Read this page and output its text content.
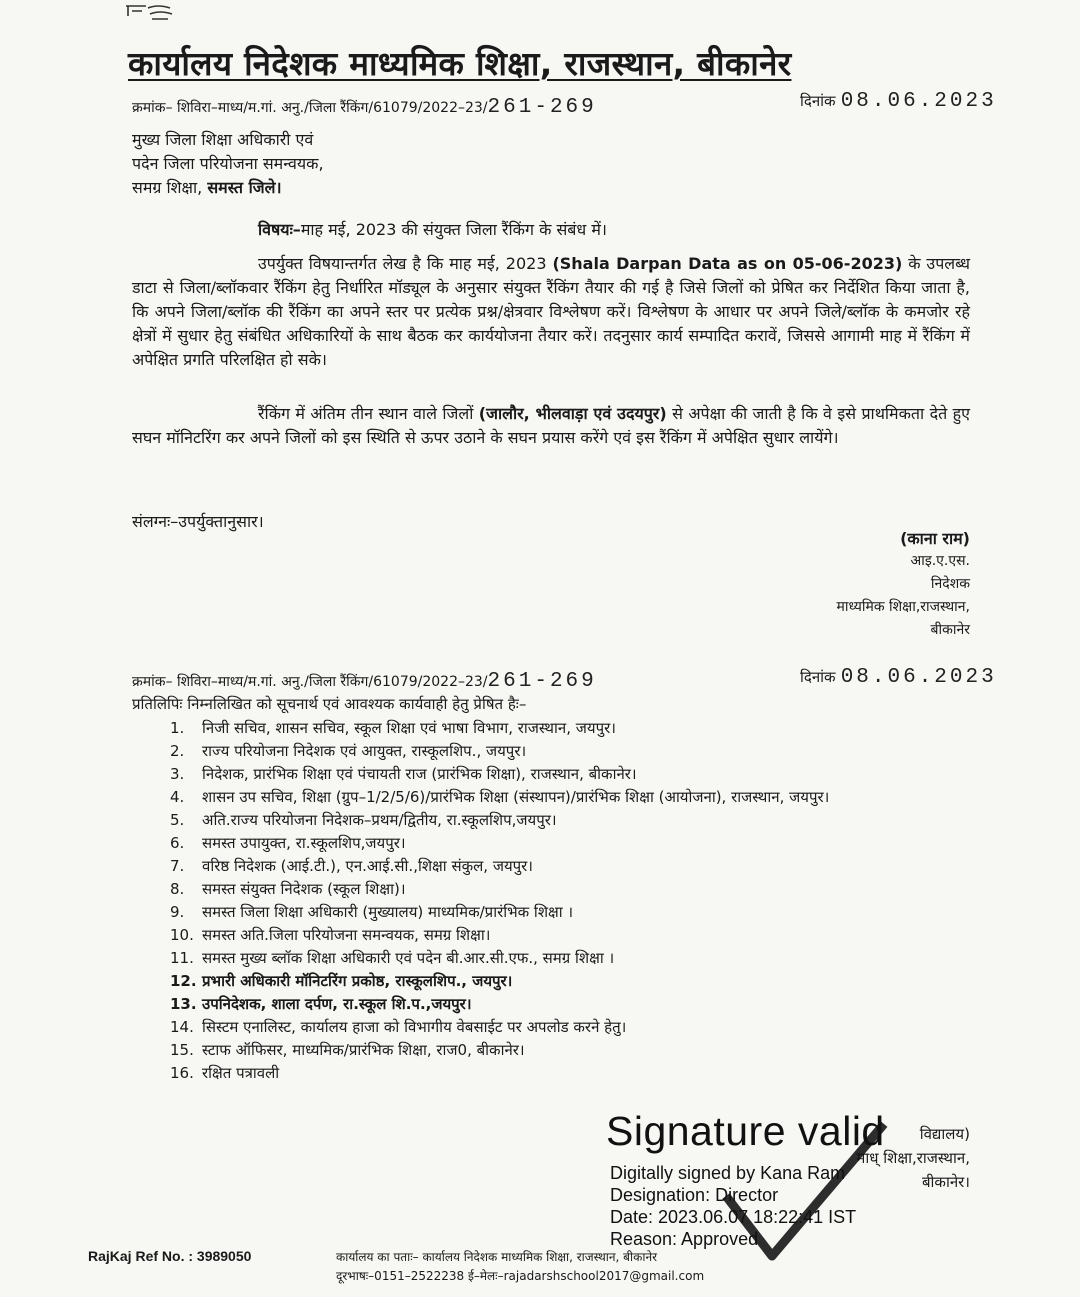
कार्यालय निदेशक माध्यमिक शिक्षा, राजस्थान, बीकानेर
क्रमांक– शिविरा–माध्य/म.गां. अनु./जिला रैंकिंग/61079/2022–23/261-269	दिनांक 08.06.2023
मुख्य जिला शिक्षा अधिकारी एवं
पदेन जिला परियोजना समन्वयक,
समग्र शिक्षा, समस्त जिले।
विषयः–माह मई, 2023 की संयुक्त जिला रैंकिंग के संबंध में।

उपर्युक्त विषयान्तर्गत लेख है कि माह मई, 2023 (Shala Darpan Data as on 05-06-2023) के उपलब्ध डाटा से जिला/ब्लॉकवार रैंकिंग हेतु निर्धारित मॉड्यूल के अनुसार संयुक्त रैंकिंग तैयार की गई है जिसे जिलों को प्रेषित कर निर्देशित किया जाता है, कि अपने जिला/ब्लॉक की रैंकिंग का अपने स्तर पर प्रत्येक प्रश्न/क्षेत्रवार विश्लेषण करें। विश्लेषण के आधार पर अपने जिले/ब्लॉक के कमजोर रहे क्षेत्रों में सुधार हेतु संबंधित अधिकारियों के साथ बैठक कर कार्ययोजना तैयार करें। तदनुसार कार्य सम्पादित करावें, जिससे आगामी माह में रैंकिंग में अपेक्षित प्रगति परिलक्षित हो सके।

रैंकिंग में अंतिम तीन स्थान वाले जिलों (जालौर, भीलवाड़ा एवं उदयपुर) से अपेक्षा की जाती है कि वे इसे प्राथमिकता देते हुए सघन मॉनिटरिंग कर अपने जिलों को इस स्थिति से ऊपर उठाने के सघन प्रयास करेंगे एवं इस रैंकिंग में अपेक्षित सुधार लायेंगे।

संलग्नः–उपर्युक्तानुसार।
(काना राम)
आइ.ए.एस.
निदेशक
माध्यमिक शिक्षा,राजस्थान,
बीकानेर
क्रमांक– शिविरा–माध्य/म.गां. अनु./जिला रैंकिंग/61079/2022–23/261-269	दिनांक 08.06.2023
प्रतिलिपिः निम्नलिखित को सूचनार्थ एवं आवश्यक कार्यवाही हेतु प्रेषित हैः–
1.	निजी सचिव, शासन सचिव, स्कूल शिक्षा एवं भाषा विभाग, राजस्थान, जयपुर।
2.	राज्य परियोजना निदेशक एवं आयुक्त, रास्कूलशिप., जयपुर।
3.	निदेशक, प्रारंभिक शिक्षा एवं पंचायती राज (प्रारंभिक शिक्षा), राजस्थान, बीकानेर।
4.	शासन उप सचिव, शिक्षा (ग्रुप–1/2/5/6)/प्रारंभिक शिक्षा (संस्थापन)/प्रारंभिक शिक्षा (आयोजना), राजस्थान, जयपुर।
5.	अति.राज्य परियोजना निदेशक–प्रथम/द्वितीय, रा.स्कूलशिप,जयपुर।
6.	समस्त उपायुक्त, रा.स्कूलशिप,जयपुर।
7.	वरिष्ठ निदेशक (आई.टी.), एन.आई.सी.,शिक्षा संकुल, जयपुर।
8.	समस्त संयुक्त निदेशक (स्कूल शिक्षा)।
9.	समस्त जिला शिक्षा अधिकारी (मुख्यालय) माध्यमिक/प्रारंभिक शिक्षा ।
10. समस्त अति.जिला परियोजना समन्वयक, समग्र शिक्षा।
11. समस्त मुख्य ब्लॉक शिक्षा अधिकारी एवं पदेन बी.आर.सी.एफ., समग्र शिक्षा ।
12. प्रभारी अधिकारी मॉनिटरिंग प्रकोष्ठ, रास्कूलशिप., जयपुर।
13. उपनिदेशक, शाला दर्पण, रा.स्कूल शि.प.,जयपुर।
14. सिस्टम एनालिस्ट, कार्यालय हाजा को विभागीय वेबसाईट पर अपलोड करने हेतु।
15. स्टाफ ऑफिसर, माध्यमिक/प्रारंभिक शिक्षा, राज0, बीकानेर।
16. रक्षित पत्रावली
विद्यालय)
माध् शिक्षा,राजस्थान,
बीकानेर।
Signature valid
Digitally signed by Kana Ram
Designation: Director
Date: 2023.06.07 18:22:41 IST
Reason: Approved
RajKaj Ref No. : 3989050	कार्यालय का पताः– कार्यालय निदेशक माध्यमिक शिक्षा, राजस्थान, बीकानेर
दूरभाषः–0151–2522238 ई–मेलः–rajadarshschool2017@gmail.com
